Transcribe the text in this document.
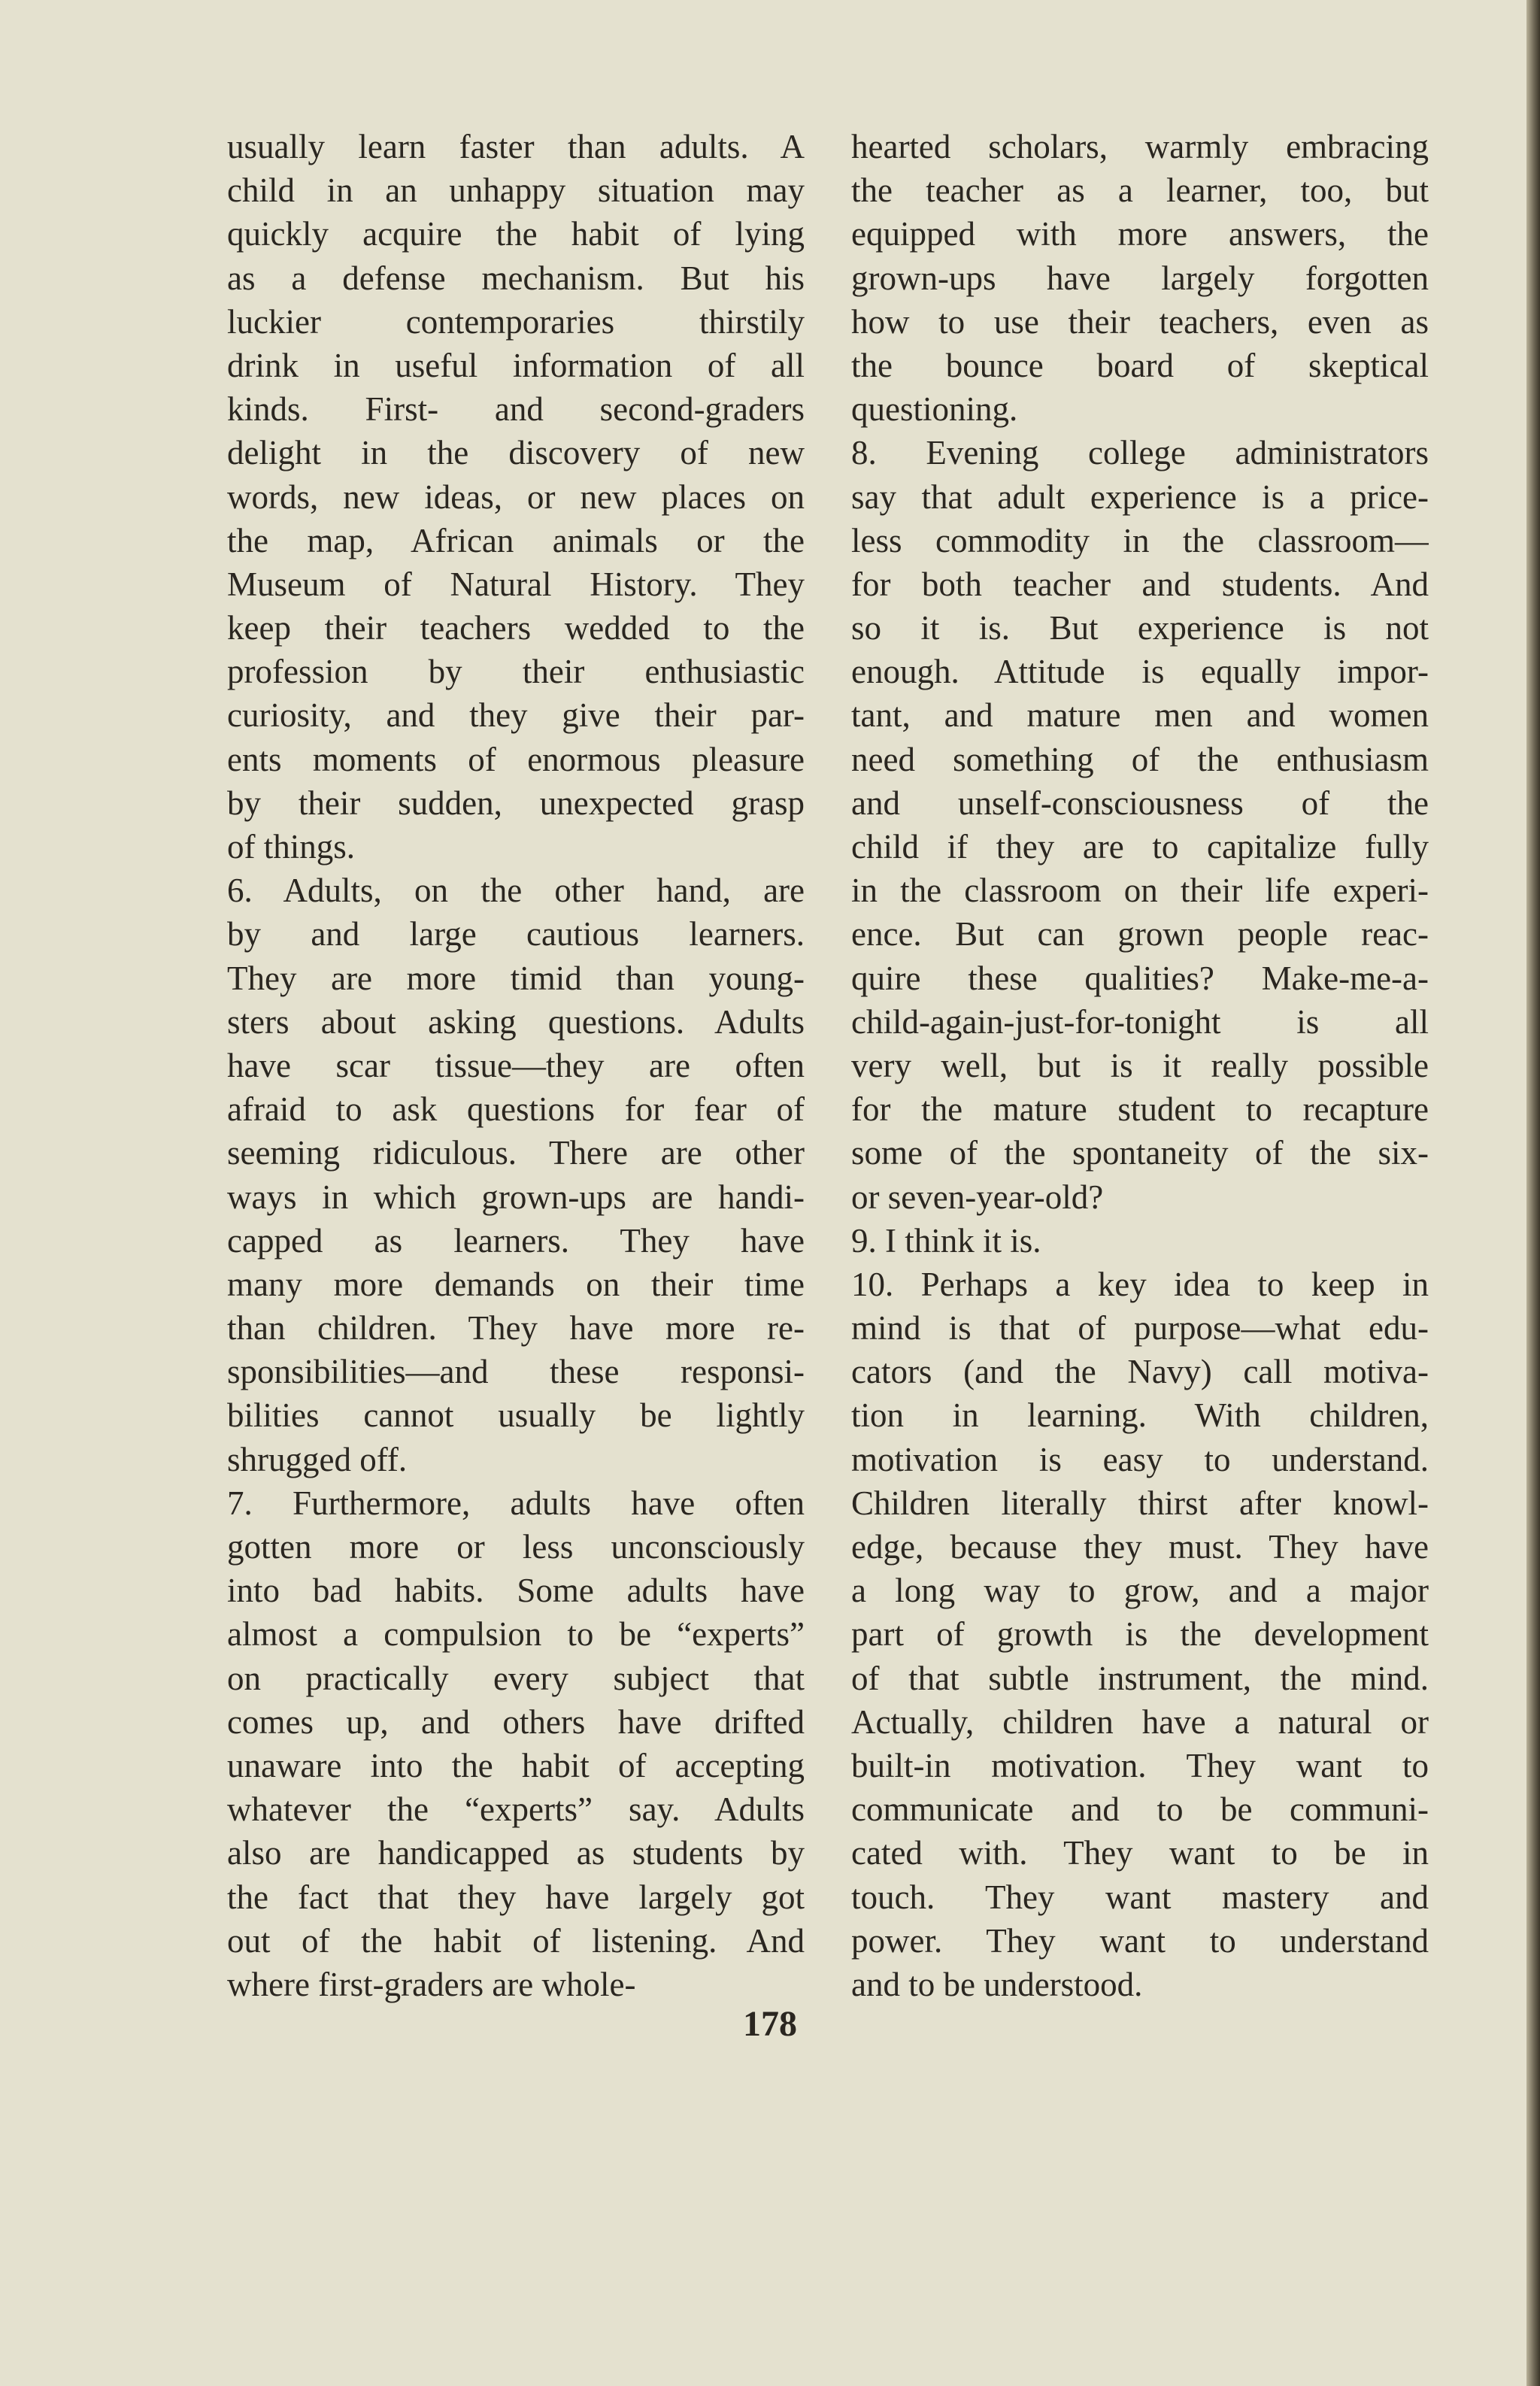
usually learn faster than adults. A
child in an unhappy situation may
quickly acquire the habit of lying
as a defense mechanism. But his
luckier contemporaries thirstily
drink in useful information of all
kinds. First- and second-graders
delight in the discovery of new
words, new ideas, or new places on
the map, African animals or the
Museum of Natural History. They
keep their teachers wedded to the
profession by their enthusiastic
curiosity, and they give their par-
ents moments of enormous pleasure
by their sudden, unexpected grasp
of things.
6. Adults, on the other hand, are
by and large cautious learners.
They are more timid than young-
sters about asking questions. Adults
have scar tissue—they are often
afraid to ask questions for fear of
seeming ridiculous. There are other
ways in which grown-ups are handi-
capped as learners. They have
many more demands on their time
than children. They have more re-
sponsibilities—and these responsi-
bilities cannot usually be lightly
shrugged off.
7. Furthermore, adults have often
gotten more or less unconsciously
into bad habits. Some adults have
almost a compulsion to be “experts”
on practically every subject that
comes up, and others have drifted
unaware into the habit of accepting
whatever the “experts” say. Adults
also are handicapped as students by
the fact that they have largely got
out of the habit of listening. And
where first-graders are whole-
hearted scholars, warmly embracing
the teacher as a learner, too, but
equipped with more answers, the
grown-ups have largely forgotten
how to use their teachers, even as
the bounce board of skeptical
questioning.
8. Evening college administrators
say that adult experience is a price-
less commodity in the classroom—
for both teacher and students. And
so it is. But experience is not
enough. Attitude is equally impor-
tant, and mature men and women
need something of the enthusiasm
and unself-consciousness of the
child if they are to capitalize fully
in the classroom on their life experi-
ence. But can grown people reac-
quire these qualities? Make-me-a-
child-again-just-for-tonight is all
very well, but is it really possible
for the mature student to recapture
some of the spontaneity of the six-
or seven-year-old?
9. I think it is.
10. Perhaps a key idea to keep in
mind is that of purpose—what edu-
cators (and the Navy) call motiva-
tion in learning. With children,
motivation is easy to understand.
Children literally thirst after knowl-
edge, because they must. They have
a long way to grow, and a major
part of growth is the development
of that subtle instrument, the mind.
Actually, children have a natural or
built-in motivation. They want to
communicate and to be communi-
cated with. They want to be in
touch. They want mastery and
power. They want to understand
and to be understood.
178
